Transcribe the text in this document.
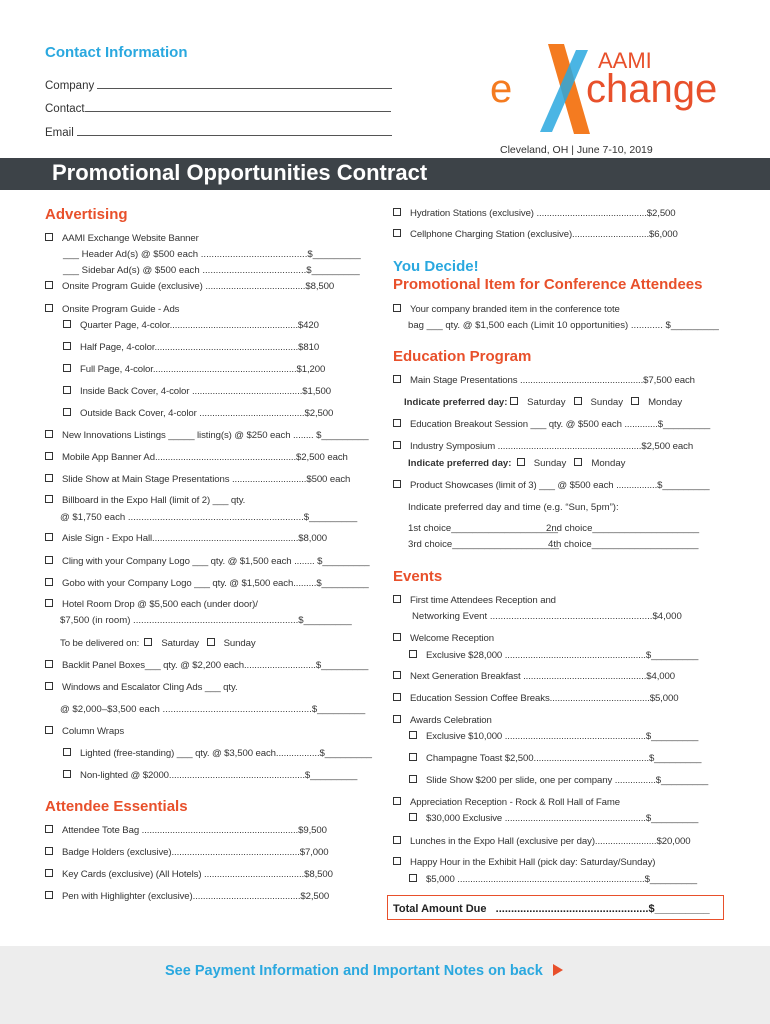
Contact Information
Company
Contact
Email
AAMI
e change
Cleveland, OH | June 7-10, 2019
Promotional Opportunities Contract
Advertising
AAMI Exchange Website Banner
___ Header Ad(s) @ $500 each ........................................$_________
___ Sidebar Ad(s) @ $500 each .......................................$_________
Onsite Program Guide (exclusive) .......................................$8,500
Onsite Program Guide - Ads
Quarter Page, 4-color..................................................$420
Half Page, 4-color........................................................$810
Full Page, 4-color........................................................$1,200
Inside Back Cover, 4-color ...........................................$1,500
Outside Back Cover, 4-color .........................................$2,500
New Innovations Listings _____ listing(s) @ $250 each ........ $_________
Mobile App Banner Ad.......................................................$2,500 each
Slide Show at Main Stage Presentations .............................$500 each
Billboard in the Expo Hall (limit of 2) ___ qty.
@ $1,750 each ..................................................................$_________
Aisle Sign - Expo Hall.........................................................$8,000
Cling with your Company Logo ___ qty. @ $1,500 each ........ $_________
Gobo with your Company Logo ___ qty. @ $1,500 each.........$_________
Hotel Room Drop @ $5,500 each (under door)/
$7,500 (in room) ..............................................................$_________
To be delivered on: Saturday	Sunday
Backlit Panel Boxes___ qty. @ $2,200 each............................$_________
Windows and Escalator Cling Ads ___ qty.
@ $2,000–$3,500 each ........................................................$_________
Column Wraps
Lighted (free-standing) ___ qty. @ $3,500 each.................$_________
Non-lighted @ $2000.....................................................$_________
Attendee Essentials
Attendee Tote Bag .............................................................$9,500
Badge Holders (exclusive)..................................................$7,000
Key Cards (exclusive) (All Hotels) .......................................$8,500
Pen with Highlighter (exclusive)..........................................$2,500
Hydration Stations (exclusive) ...........................................$2,500
Cellphone Charging Station (exclusive)..............................$6,000
You Decide!
Promotional Item for Conference Attendees
Your company branded item in the conference tote
bag ___ qty. @ $1,500 each (Limit 10 opportunities) ............ $_________
Education Program
Main Stage Presentations ................................................$7,500 each
Indicate preferred day: Saturday	Sunday	Monday
Education Breakout Session ___ qty. @ $500 each .............$_________
Industry Symposium ........................................................$2,500 each
Indicate preferred day: Sunday	Monday
Product Showcases (limit of 3) ___ @ $500 each ................$_________
Indicate preferred day and time (e.g. “Sun, 5pm”):
1st choice____________________
2nd choice____________________
3rd choice____________________
4th choice____________________
Events
First time Attendees Reception and
Networking Event .............................................................$4,000
Welcome Reception
Exclusive $28,000 .......................................................$_________
Next Generation Breakfast ................................................$4,000
Education Session Coffee Breaks.......................................$5,000
Awards Celebration
Exclusive $10,000 .......................................................$_________
Champagne Toast $2,500.............................................$_________
Slide Show $200 per slide, one per company ................$_________
Appreciation Reception - Rock & Roll Hall of Fame
$30,000 Exclusive .......................................................$_________
Lunches in the Expo Hall (exclusive per day)........................$20,000
Happy Hour in the Exhibit Hall (pick day: Saturday/Sunday)
$5,000 .........................................................................$_________
Total Amount Due ..................................................$_________
See Payment Information and Important Notes on back
